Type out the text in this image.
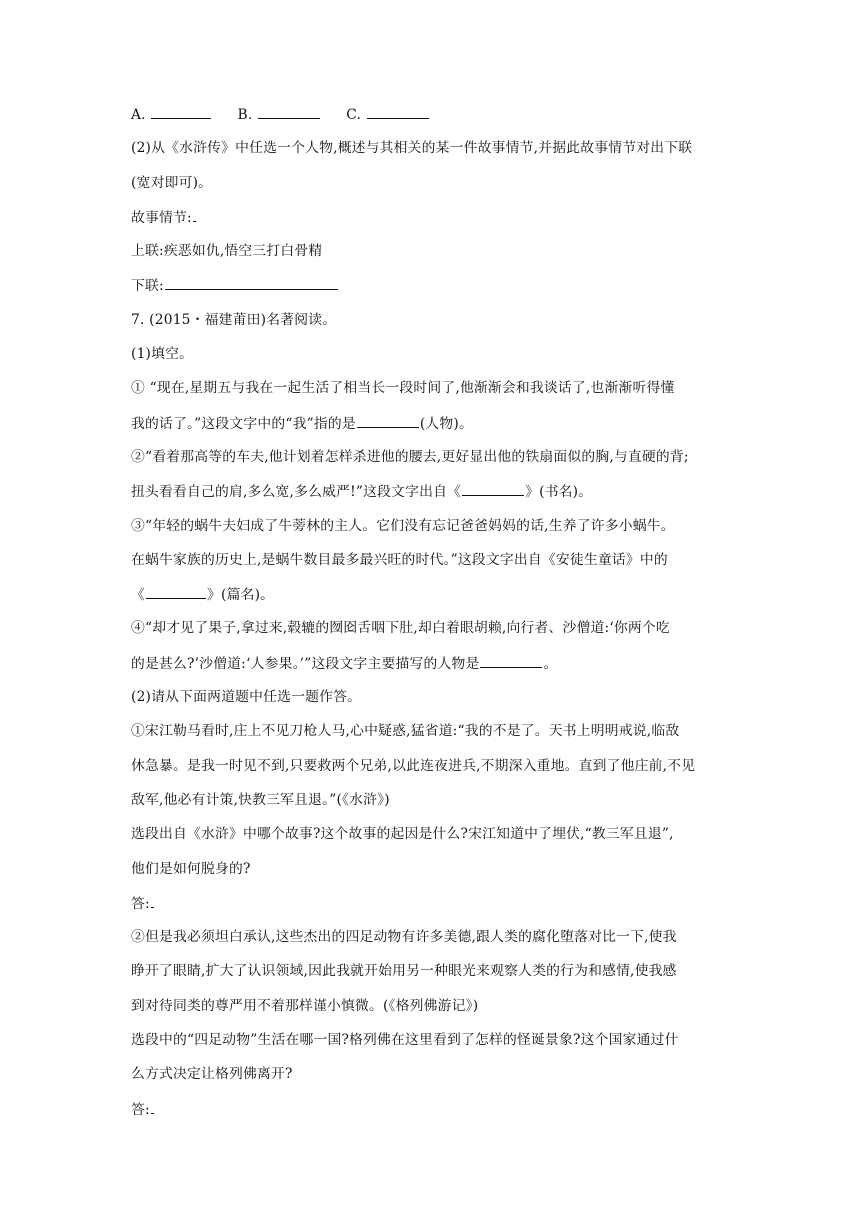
A.	B.	C.
(2)从《水浒传》中任选一个人物,概述与其相关的某一件故事情节,并据此故事情节对出下联
(宽对即可)。
故事情节:
上联:疾恶如仇,悟空三打白骨精
下联:
7. (2015・福建莆田)名著阅读。
(1)填空。
① “现在,星期五与我在一起生活了相当长一段时间了,他渐渐会和我谈话了,也渐渐听得懂
我的话了。”这段文字中的“我”指的是	(人物)。
②“看着那高等的车夫,他计划着怎样杀进他的腰去,更好显出他的铁扇面似的胸,与直硬的背;
扭头看看自己的肩,多么宽,多么威严!”这段文字出自《	》(书名)。
③“年轻的蜗牛夫妇成了牛蒡林的主人。它们没有忘记爸爸妈妈的话,生养了许多小蜗牛。
在蜗牛家族的历史上,是蜗牛数目最多最兴旺的时代。”这段文字出自《安徒生童话》中的
《	》(篇名)。
④“却才见了果子,拿过来,毂辘的囫囵舌咽下肚,却白着眼胡赖,向行者、沙僧道:‘你两个吃
的是甚么?’沙僧道:‘人参果。’”这段文字主要描写的人物是	。
(2)请从下面两道题中任选一题作答。
①宋江勒马看时,庄上不见刀枪人马,心中疑惑,猛省道:“我的不是了。天书上明明戒说,临敌
休急暴。是我一时见不到,只要救两个兄弟,以此连夜进兵,不期深入重地。直到了他庄前,不见
敌军,他必有计策,快教三军且退。”(《水浒》)
选段出自《水浒》中哪个故事?这个故事的起因是什么?宋江知道中了埋伏,“教三军且退”,
他们是如何脱身的?
答:
②但是我必须坦白承认,这些杰出的四足动物有许多美德,跟人类的腐化堕落对比一下,使我
睁开了眼睛,扩大了认识领域,因此我就开始用另一种眼光来观察人类的行为和感情,使我感
到对待同类的尊严用不着那样谨小慎微。(《格列佛游记》)
选段中的“四足动物”生活在哪一国?格列佛在这里看到了怎样的怪诞景象?这个国家通过什
么方式决定让格列佛离开?
答:
